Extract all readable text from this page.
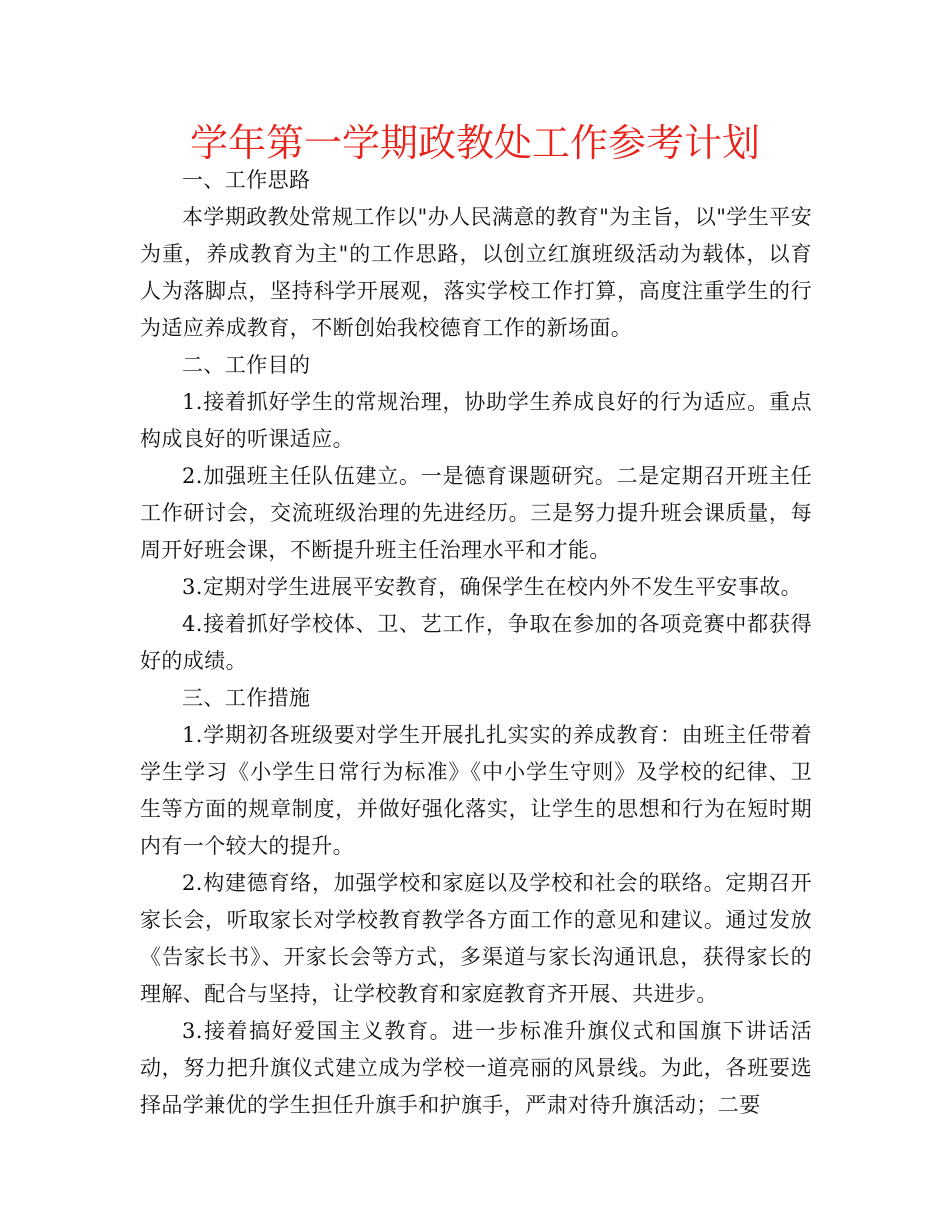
学年第一学期政教处工作参考计划

一、工作思路

本学期政教处常规工作以"办人民满意的教育"为主旨，以"学生平安为重，养成教育为主"的工作思路，以创立红旗班级活动为载体，以育人为落脚点，坚持科学开展观，落实学校工作打算，高度注重学生的行为适应养成教育，不断创始我校德育工作的新场面。

二、工作目的

1.接着抓好学生的常规治理，协助学生养成良好的行为适应。重点构成良好的听课适应。

2.加强班主任队伍建立。一是德育课题研究。二是定期召开班主任工作研讨会，交流班级治理的先进经历。三是努力提升班会课质量，每周开好班会课，不断提升班主任治理水平和才能。

3.定期对学生进展平安教育，确保学生在校内外不发生平安事故。

4.接着抓好学校体、卫、艺工作，争取在参加的各项竞赛中都获得好的成绩。

三、工作措施

1.学期初各班级要对学生开展扎扎实实的养成教育：由班主任带着学生学习《小学生日常行为标准》《中小学生守则》及学校的纪律、卫生等方面的规章制度，并做好强化落实，让学生的思想和行为在短时期内有一个较大的提升。

2.构建德育络，加强学校和家庭以及学校和社会的联络。定期召开家长会，听取家长对学校教育教学各方面工作的意见和建议。通过发放《告家长书》、开家长会等方式，多渠道与家长沟通讯息，获得家长的理解、配合与坚持，让学校教育和家庭教育齐开展、共进步。

3.接着搞好爱国主义教育。进一步标准升旗仪式和国旗下讲话活动，努力把升旗仪式建立成为学校一道亮丽的风景线。为此，各班要选择品学兼优的学生担任升旗手和护旗手，严肃对待升旗活动；二要
